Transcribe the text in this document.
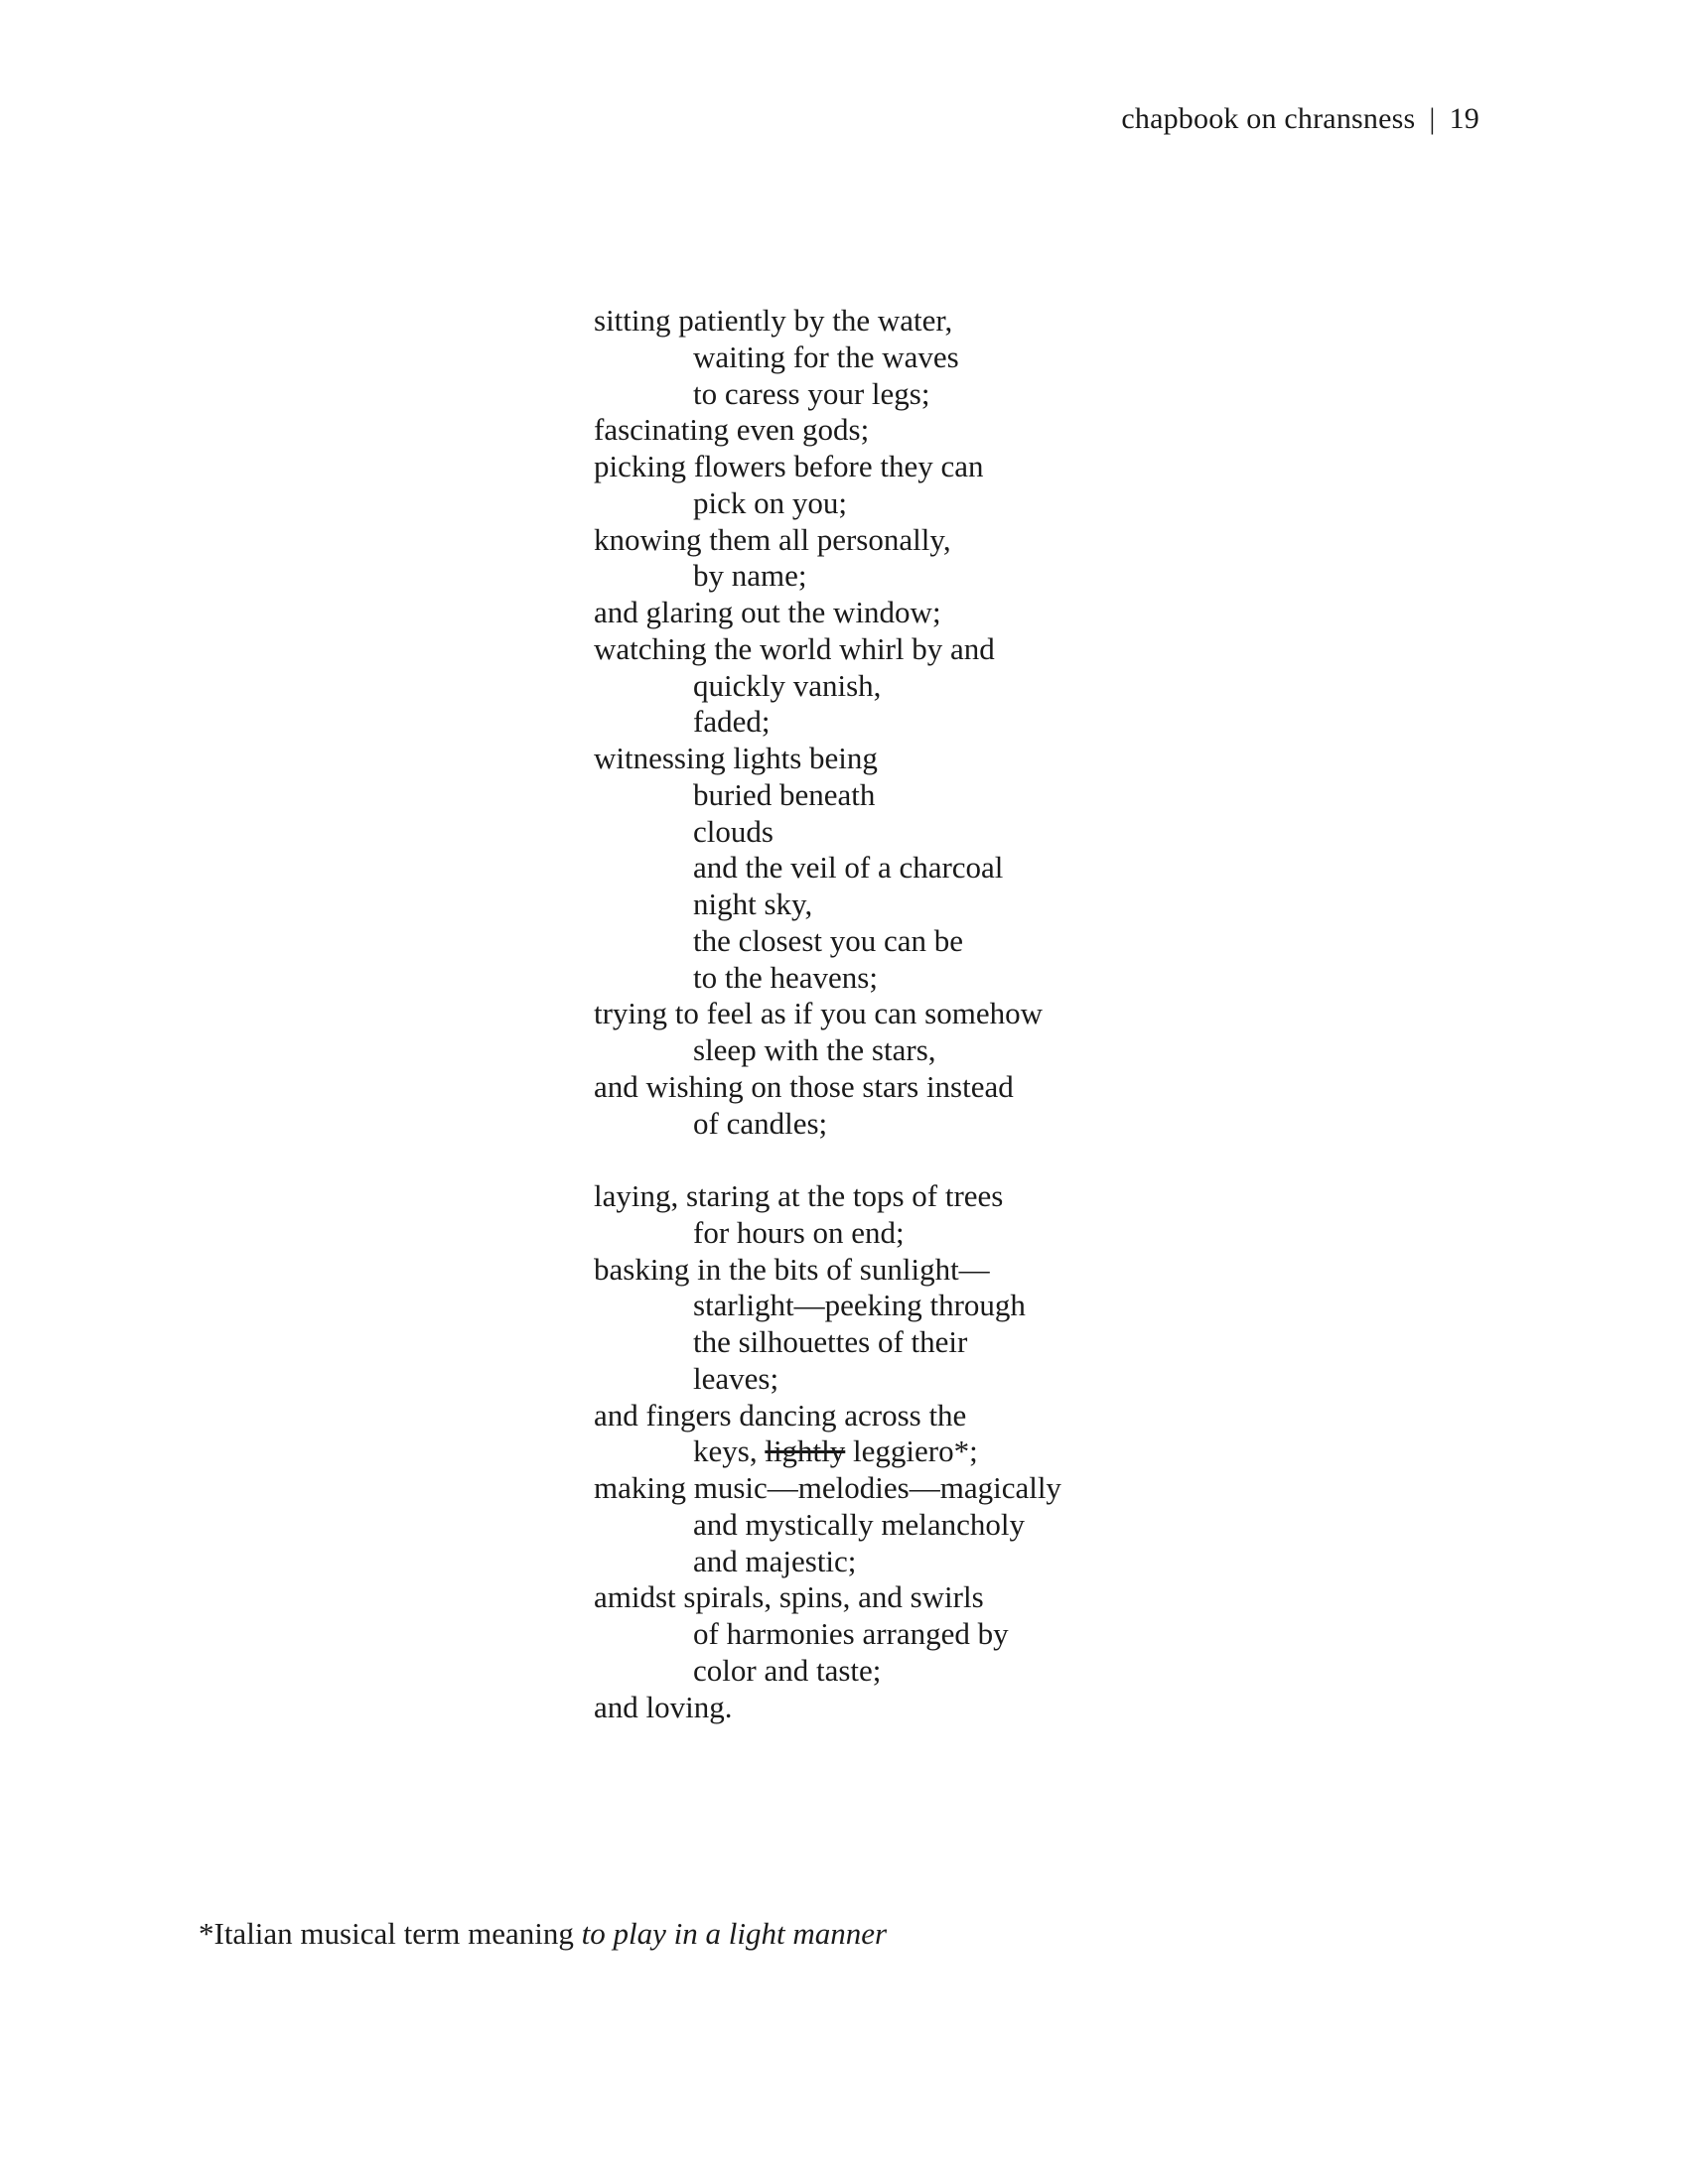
chapbook on chransness | 19
sitting patiently by the water,
waiting for the waves
to caress your legs;
fascinating even gods;
picking flowers before they can
pick on you;
knowing them all personally,
by name;
and glaring out the window;
watching the world whirl by and
quickly vanish,
faded;
witnessing lights being
buried beneath
clouds
and the veil of a charcoal
night sky,
the closest you can be
to the heavens;
trying to feel as if you can somehow
sleep with the stars,
and wishing on those stars instead
of candles;
laying, staring at the tops of trees
for hours on end;
basking in the bits of sunlight—
starlight—peeking through
the silhouettes of their
leaves;
and fingers dancing across the
keys, lightly leggiero*;
making music—melodies—magically
and mystically melancholy
and majestic;
amidst spirals, spins, and swirls
of harmonies arranged by
color and taste;
and loving.
*Italian musical term meaning to play in a light manner
